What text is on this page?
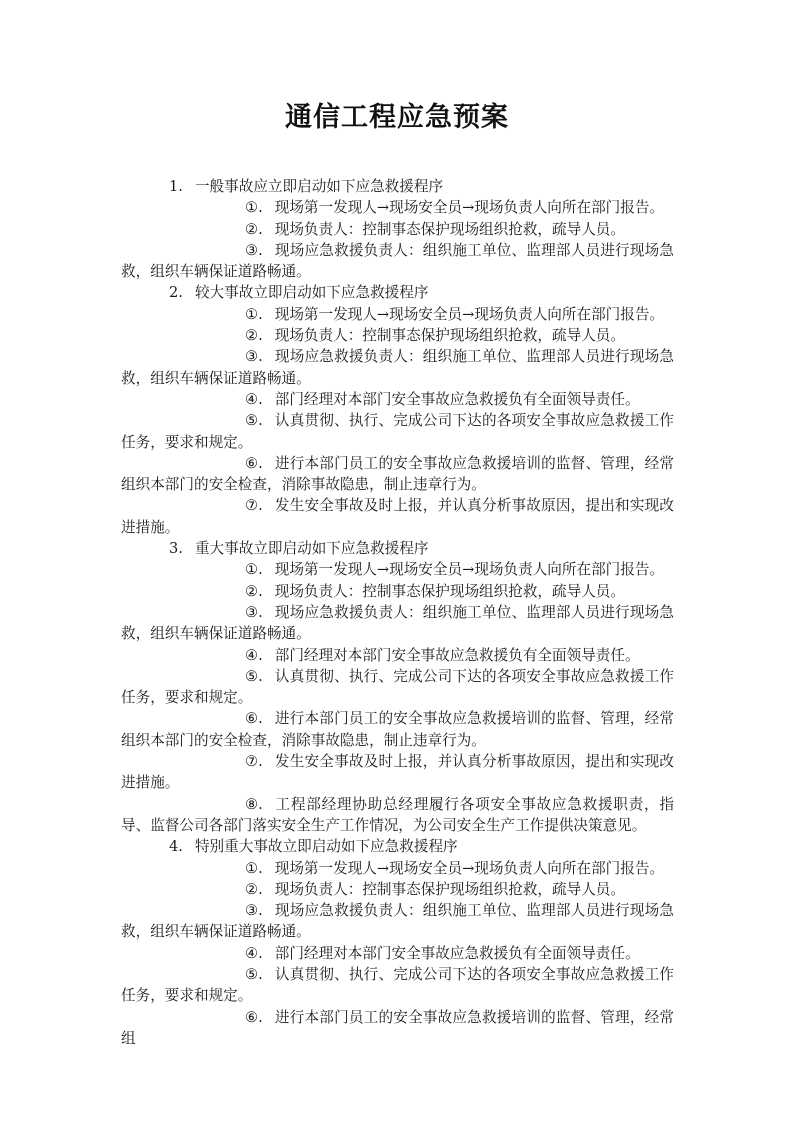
通信工程应急预案

1. 一般事故应立即启动如下应急救援程序

①. 现场第一发现人→现场安全员→现场负责人向所在部门报告。

②. 现场负责人：控制事态保护现场组织抢救，疏导人员。

③. 现场应急救援负责人：组织施工单位、监理部人员进行现场急救，组织车辆保证道路畅通。

2. 较大事故立即启动如下应急救援程序

①. 现场第一发现人→现场安全员→现场负责人向所在部门报告。

②. 现场负责人：控制事态保护现场组织抢救，疏导人员。

③. 现场应急救援负责人：组织施工单位、监理部人员进行现场急救，组织车辆保证道路畅通。

④. 部门经理对本部门安全事故应急救援负有全面领导责任。

⑤. 认真贯彻、执行、完成公司下达的各项安全事故应急救援工作任务，要求和规定。

⑥. 进行本部门员工的安全事故应急救援培训的监督、管理，经常组织本部门的安全检查，消除事故隐患，制止违章行为。

⑦. 发生安全事故及时上报，并认真分析事故原因，提出和实现改进措施。

3. 重大事故立即启动如下应急救援程序

①. 现场第一发现人→现场安全员→现场负责人向所在部门报告。

②. 现场负责人：控制事态保护现场组织抢救，疏导人员。

③. 现场应急救援负责人：组织施工单位、监理部人员进行现场急救，组织车辆保证道路畅通。

④. 部门经理对本部门安全事故应急救援负有全面领导责任。

⑤. 认真贯彻、执行、完成公司下达的各项安全事故应急救援工作任务，要求和规定。

⑥. 进行本部门员工的安全事故应急救援培训的监督、管理，经常组织本部门的安全检查，消除事故隐患，制止违章行为。

⑦. 发生安全事故及时上报，并认真分析事故原因，提出和实现改进措施。

⑧. 工程部经理协助总经理履行各项安全事故应急救援职责，指导、监督公司各部门落实安全生产工作情况，为公司安全生产工作提供决策意见。

4. 特别重大事故立即启动如下应急救援程序

①. 现场第一发现人→现场安全员→现场负责人向所在部门报告。

②. 现场负责人：控制事态保护现场组织抢救，疏导人员。

③. 现场应急救援负责人：组织施工单位、监理部人员进行现场急救，组织车辆保证道路畅通。

④. 部门经理对本部门安全事故应急救援负有全面领导责任。

⑤. 认真贯彻、执行、完成公司下达的各项安全事故应急救援工作任务，要求和规定。

⑥. 进行本部门员工的安全事故应急救援培训的监督、管理，经常组
